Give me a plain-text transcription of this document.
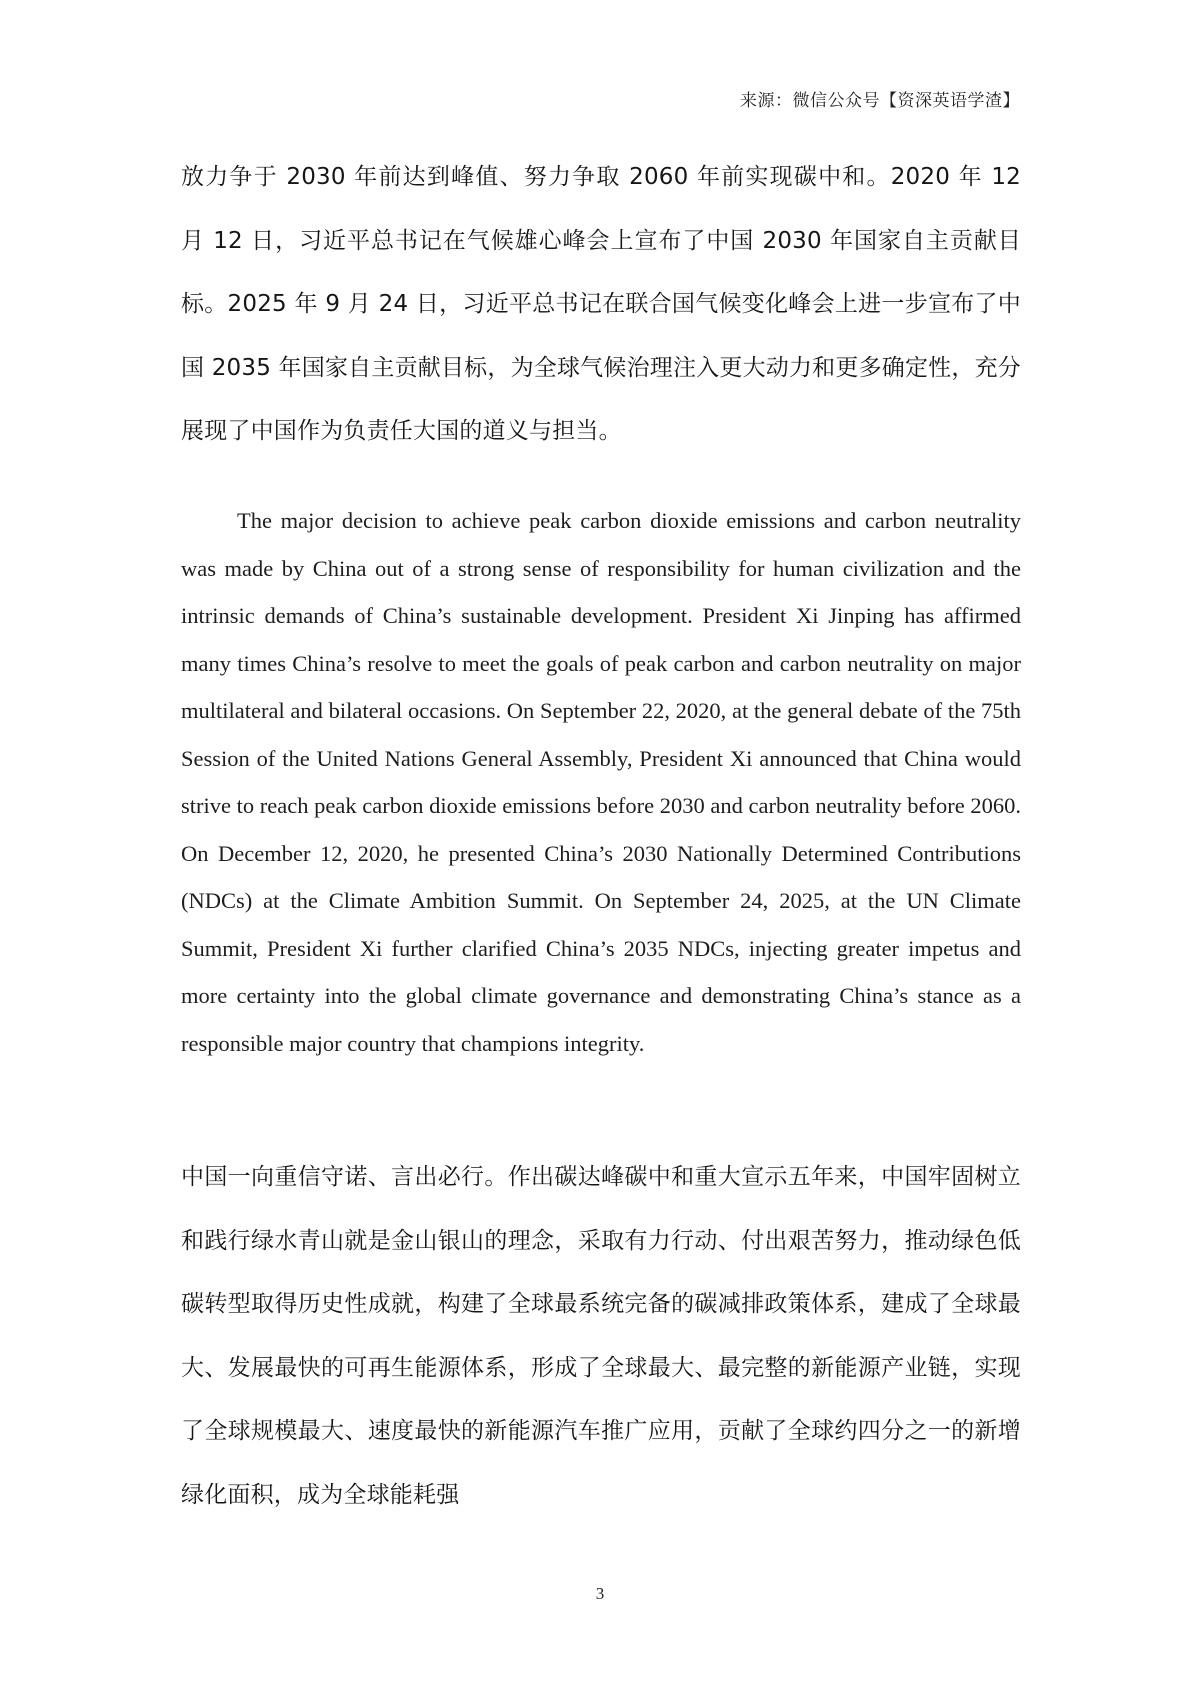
来源：微信公众号【资深英语学渣】

放力争于 2030 年前达到峰值、努力争取 2060 年前实现碳中和。2020 年 12 月 12 日，习近平总书记在气候雄心峰会上宣布了中国 2030 年国家自主贡献目标。2025 年 9 月 24 日，习近平总书记在联合国气候变化峰会上进一步宣布了中国 2035 年国家自主贡献目标，为全球气候治理注入更大动力和更多确定性，充分展现了中国作为负责任大国的道义与担当。

The major decision to achieve peak carbon dioxide emissions and carbon neutrality was made by China out of a strong sense of responsibility for human civilization and the intrinsic demands of China’s sustainable development. President Xi Jinping has affirmed many times China’s resolve to meet the goals of peak carbon and carbon neutrality on major multilateral and bilateral occasions. On September 22, 2020, at the general debate of the 75th Session of the United Nations General Assembly, President Xi announced that China would strive to reach peak carbon dioxide emissions before 2030 and carbon neutrality before 2060. On December 12, 2020, he presented China’s 2030 Nationally Determined Contributions (NDCs) at the Climate Ambition Summit. On September 24, 2025, at the UN Climate Summit, President Xi further clarified China’s 2035 NDCs, injecting greater impetus and more certainty into the global climate governance and demonstrating China’s stance as a responsible major country that champions integrity.

中国一向重信守诺、言出必行。作出碳达峰碳中和重大宣示五年来，中国牢固树立和践行绿水青山就是金山银山的理念，采取有力行动、付出艰苦努力，推动绿色低碳转型取得历史性成就，构建了全球最系统完备的碳减排政策体系，建成了全球最大、发展最快的可再生能源体系，形成了全球最大、最完整的新能源产业链，实现了全球规模最大、速度最快的新能源汽车推广应用，贡献了全球约四分之一的新增绿化面积，成为全球能耗强

3
